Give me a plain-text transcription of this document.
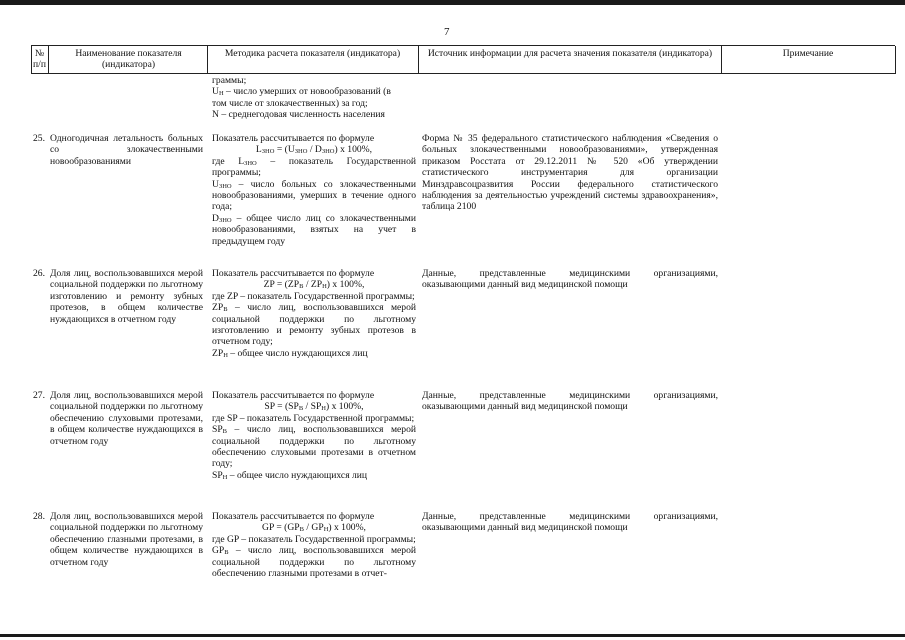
7
№ п/п
Наименование показателя (индикатора)
Методика расчета показателя (индикатора)	Источник информации для расчета значения показателя (индикатора)	Примечание
граммы;
$U_H$ – число умерших от новообразований (в
том числе от злокачественных) за год;
N – среднегодовая численность населения
25. Одногодичная летальность больных со злокачественными новообразованиями
Показатель рассчитывается по формуле
$L_{ЗНО} = (U_{ЗНО} / D_{ЗНО})$ х 100%,
где $L_{ЗНО}$ – показатель Государственной программы;
$U_{ЗНО}$ – число больных со злокачественными новообразованиями, умерших в течение одного года;
$D_{ЗНО}$ – общее число лиц со злокачественными новообразованиями, взятых на учет в предыдущем году
Форма № 35 федерального статистического наблюдения «Сведения о больных злокачественными новообразованиями», утвержденная приказом Росстата от 29.12.2011 № 520 «Об утверждении статистического инструментария для организации Минздравсоцразвития России федерального статистического наблюдения за деятельностью учреждений системы здравоохранения», таблица 2100
26. Доля лиц, воспользовавшихся мерой социальной поддержки по льготному изготовлению и ремонту зубных протезов, в общем количестве нуждающихся в отчетном году
Показатель рассчитывается по формуле
ZP = $(ZP_B / ZP_H)$ х 100%,
где ZP – показатель Государственной программы;
$ZP_B$ – число лиц, воспользовавшихся мерой социальной поддержки по льготному изготовлению и ремонту зубных протезов в отчетном году;
$ZP_H$ – общее число нуждающихся лиц
Данные, представленные медицинскими организациями, оказывающими данный вид медицинской помощи
27. Доля лиц, воспользовавшихся мерой социальной поддержки по льготному обеспечению слуховыми протезами, в общем количестве нуждающихся в отчетном году
Показатель рассчитывается по формуле
SP = $(SP_B / SP_H)$ х 100%,
где SP – показатель Государственной программы;
$SP_B$ – число лиц, воспользовавшихся мерой социальной поддержки по льготному обеспечению слуховыми протезами в отчетном году;
$SP_H$ – общее число нуждающихся лиц
Данные, представленные медицинскими организациями, оказывающими данный вид медицинской помощи
28. Доля лиц, воспользовавшихся мерой социальной поддержки по льготному обеспечению глазными протезами, в общем количестве нуждающихся в отчетном году
Показатель рассчитывается по формуле
GP = $(GP_B / GP_H)$ х 100%,
где GP – показатель Государственной программы;
$GP_B$ – число лиц, воспользовавшихся мерой социальной поддержки по льготному обеспечению глазными протезами в отчет-
Данные, представленные медицинскими организациями, оказывающими данный вид медицинской помощи
